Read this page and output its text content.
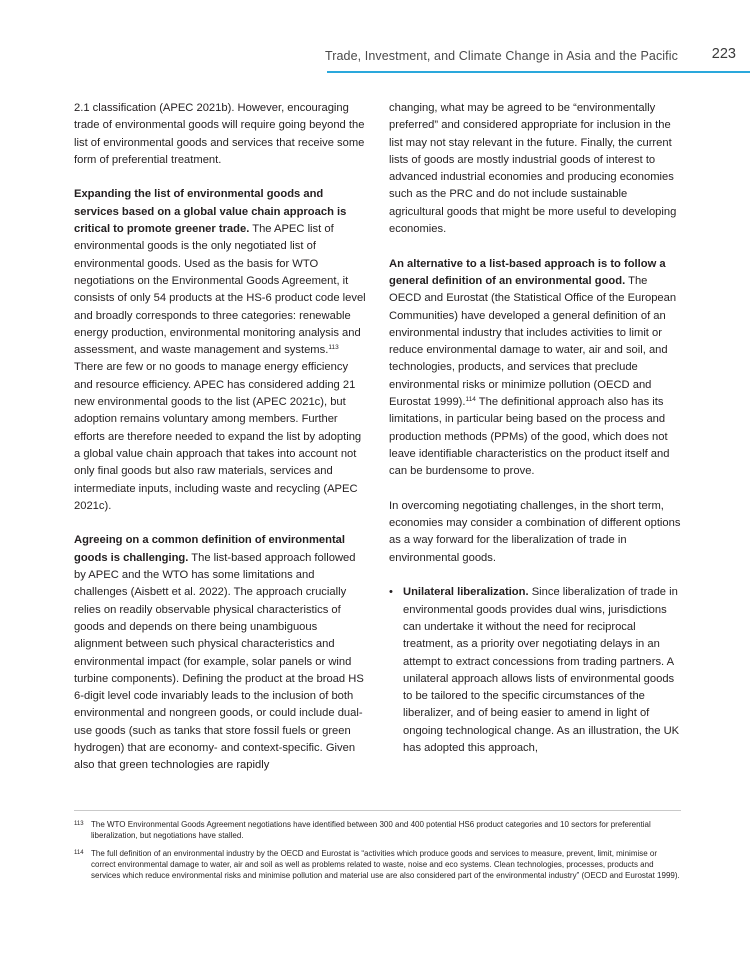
Trade, Investment, and Climate Change in Asia and the Pacific 223

2.1 classification (APEC 2021b). However, encouraging trade of environmental goods will require going beyond the list of environmental goods and services that receive some form of preferential treatment.

Expanding the list of environmental goods and services based on a global value chain approach is critical to promote greener trade. The APEC list of environmental goods is the only negotiated list of environmental goods. Used as the basis for WTO negotiations on the Environmental Goods Agreement, it consists of only 54 products at the HS-6 product code level and broadly corresponds to three categories: renewable energy production, environmental monitoring analysis and assessment, and waste management and systems.$^{113}$ There are few or no goods to manage energy efficiency and resource efficiency. APEC has considered adding 21 new environmental goods to the list (APEC 2021c), but adoption remains voluntary among members. Further efforts are therefore needed to expand the list by adopting a global value chain approach that takes into account not only final goods but also raw materials, services and intermediate inputs, including waste and recycling (APEC 2021c).

Agreeing on a common definition of environmental goods is challenging. The list-based approach followed by APEC and the WTO has some limitations and challenges (Aisbett et al. 2022). The approach crucially relies on readily observable physical characteristics of goods and depends on there being unambiguous alignment between such physical characteristics and environmental impact (for example, solar panels or wind turbine components). Defining the product at the broad HS 6-digit level code invariably leads to the inclusion of both environmental and nongreen goods, or could include dual-use goods (such as tanks that store fossil fuels or green hydrogen) that are economy- and context-specific. Given also that green technologies are rapidly

changing, what may be agreed to be “environmentally preferred” and considered appropriate for inclusion in the list may not stay relevant in the future. Finally, the current lists of goods are mostly industrial goods of interest to advanced industrial economies and producing economies such as the PRC and do not include sustainable agricultural goods that might be more useful to developing economies.

An alternative to a list-based approach is to follow a general definition of an environmental good. The OECD and Eurostat (the Statistical Office of the European Communities) have developed a general definition of an environmental industry that includes activities to limit or reduce environmental damage to water, air and soil, and technologies, products, and services that preclude environmental risks or minimize pollution (OECD and Eurostat 1999).$^{114}$ The definitional approach also has its limitations, in particular being based on the process and production methods (PPMs) of the good, which does not leave identifiable characteristics on the product itself and can be burdensome to prove.

In overcoming negotiating challenges, in the short term, economies may consider a combination of different options as a way forward for the liberalization of trade in environmental goods.

• Unilateral liberalization. Since liberalization of trade in environmental goods provides dual wins, jurisdictions can undertake it without the need for reciprocal treatment, as a priority over negotiating delays in an attempt to extract concessions from trading partners. A unilateral approach allows lists of environmental goods to be tailored to the specific circumstances of the liberalizer, and of being easier to amend in light of ongoing technological change. As an illustration, the UK has adopted this approach,
113 The WTO Environmental Goods Agreement negotiations have identified between 300 and 400 potential HS6 product categories and 10 sectors for preferential liberalization, but negotiations have stalled.
114 The full definition of an environmental industry by the OECD and Eurostat is “activities which produce goods and services to measure, prevent, limit, minimise or correct environmental damage to water, air and soil as well as problems related to waste, noise and eco systems. Clean technologies, processes, products and services which reduce environmental risks and minimise pollution and material use are also considered part of the environmental industry” (OECD and Eurostat 1999).
